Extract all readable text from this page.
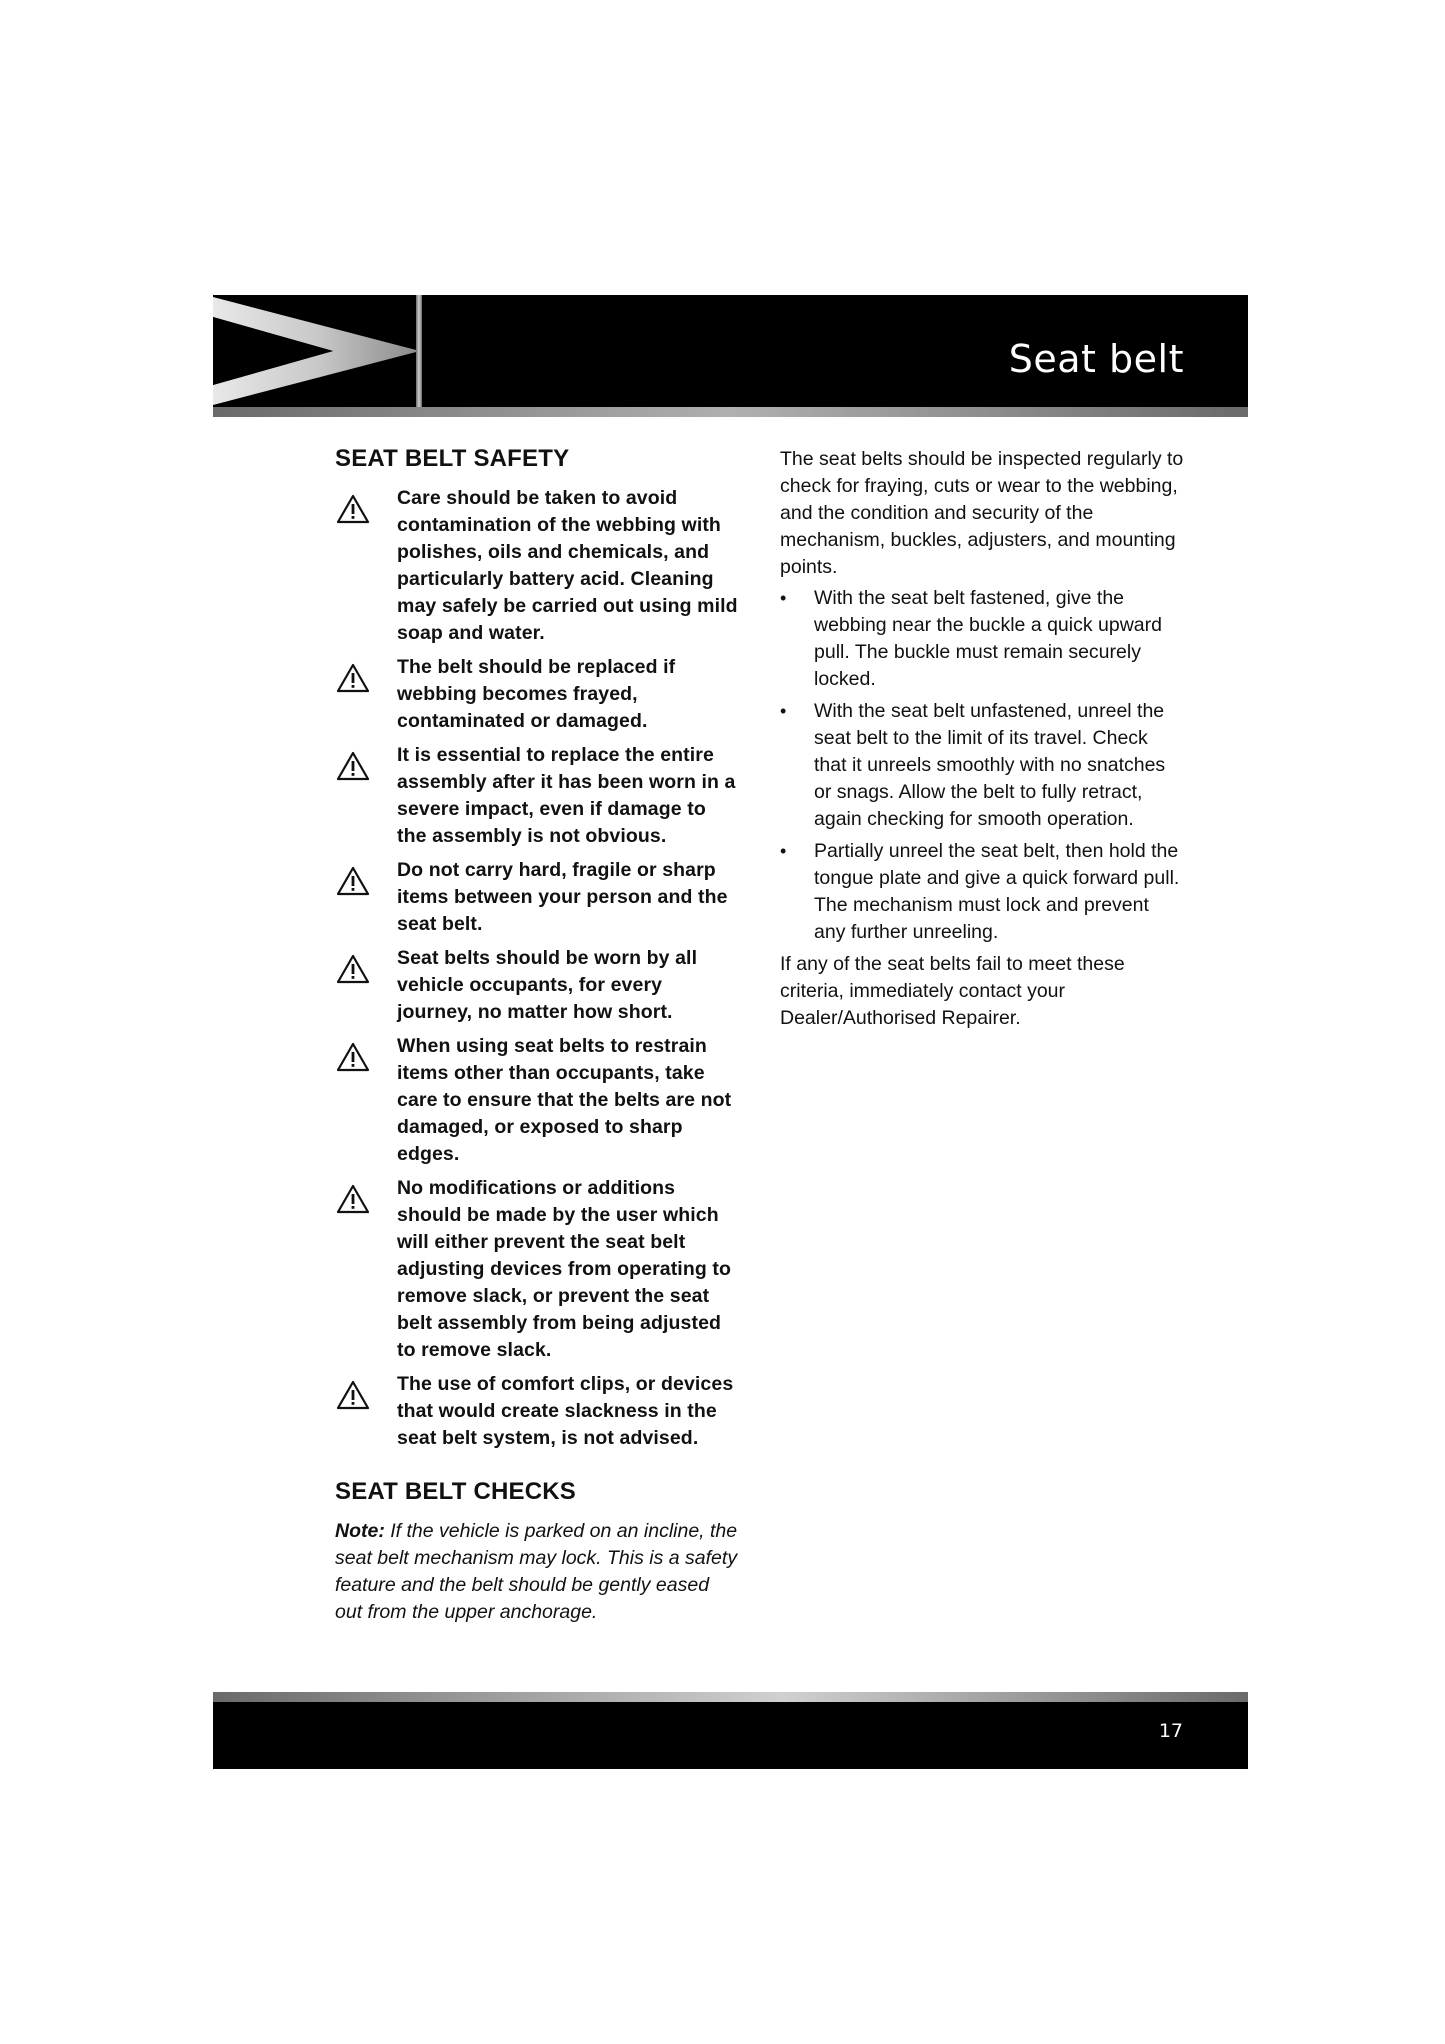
Seat belt
SEAT BELT SAFETY
Care should be taken to avoid contamination of the webbing with polishes, oils and chemicals, and particularly battery acid. Cleaning may safely be carried out using mild soap and water.
The belt should be replaced if webbing becomes frayed, contaminated or damaged.
It is essential to replace the entire assembly after it has been worn in a severe impact, even if damage to the assembly is not obvious.
Do not carry hard, fragile or sharp items between your person and the seat belt.
Seat belts should be worn by all vehicle occupants, for every journey, no matter how short.
When using seat belts to restrain items other than occupants, take care to ensure that the belts are not damaged, or exposed to sharp edges.
No modifications or additions should be made by the user which will either prevent the seat belt adjusting devices from operating to remove slack, or prevent the seat belt assembly from being adjusted to remove slack.
The use of comfort clips, or devices that would create slackness in the seat belt system, is not advised.
SEAT BELT CHECKS
Note: If the vehicle is parked on an incline, the seat belt mechanism may lock. This is a safety feature and the belt should be gently eased out from the upper anchorage.

The seat belts should be inspected regularly to check for fraying, cuts or wear to the webbing, and the condition and security of the mechanism, buckles, adjusters, and mounting points.

•	With the seat belt fastened, give the webbing near the buckle a quick upward pull. The buckle must remain securely locked.
•	With the seat belt unfastened, unreel the seat belt to the limit of its travel. Check that it unreels smoothly with no snatches or snags. Allow the belt to fully retract, again checking for smooth operation.
•	Partially unreel the seat belt, then hold the tongue plate and give a quick forward pull. The mechanism must lock and prevent any further unreeling.

If any of the seat belts fail to meet these criteria, immediately contact your Dealer/Authorised Repairer.

17
